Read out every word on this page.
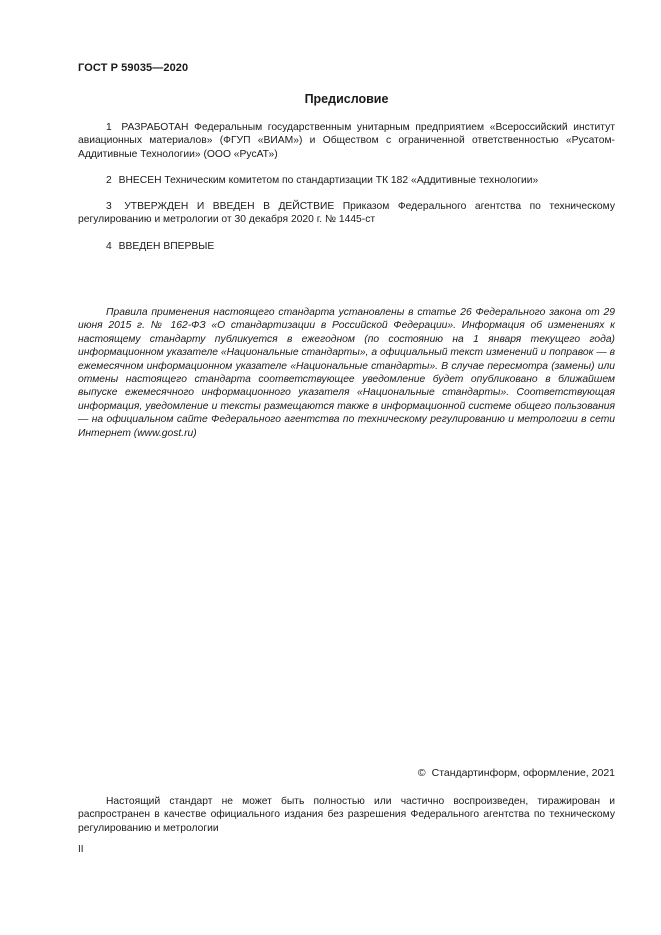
ГОСТ Р 59035—2020
Предисловие

1 РАЗРАБОТАН Федеральным государственным унитарным предприятием «Всероссийский институт авиационных материалов» (ФГУП «ВИАМ») и Обществом с ограниченной ответственностью «Русатом-Аддитивные Технологии» (ООО «РусАТ»)

2 ВНЕСЕН Техническим комитетом по стандартизации ТК 182 «Аддитивные технологии»

3 УТВЕРЖДЕН И ВВЕДЕН В ДЕЙСТВИЕ Приказом Федерального агентства по техническому регулированию и метрологии от 30 декабря 2020 г. № 1445-ст

4 ВВЕДЕН ВПЕРВЫЕ

Правила применения настоящего стандарта установлены в статье 26 Федерального закона от 29 июня 2015 г. № 162-ФЗ «О стандартизации в Российской Федерации». Информация об изменениях к настоящему стандарту публикуется в ежегодном (по состоянию на 1 января текущего года) информационном указателе «Национальные стандарты», а официальный текст изменений и поправок — в ежемесячном информационном указателе «Национальные стандарты». В случае пересмотра (замены) или отмены настоящего стандарта соответствующее уведомление будет опубликовано в ближайшем выпуске ежемесячного информационного указателя «Национальные стандарты». Соответствующая информация, уведомление и тексты размещаются также в информационной системе общего пользования — на официальном сайте Федерального агентства по техническому регулированию и метрологии в сети Интернет (www.gost.ru)

© Стандартинформ, оформление, 2021

Настоящий стандарт не может быть полностью или частично воспроизведен, тиражирован и распространен в качестве официального издания без разрешения Федерального агентства по техническому регулированию и метрологии

II
